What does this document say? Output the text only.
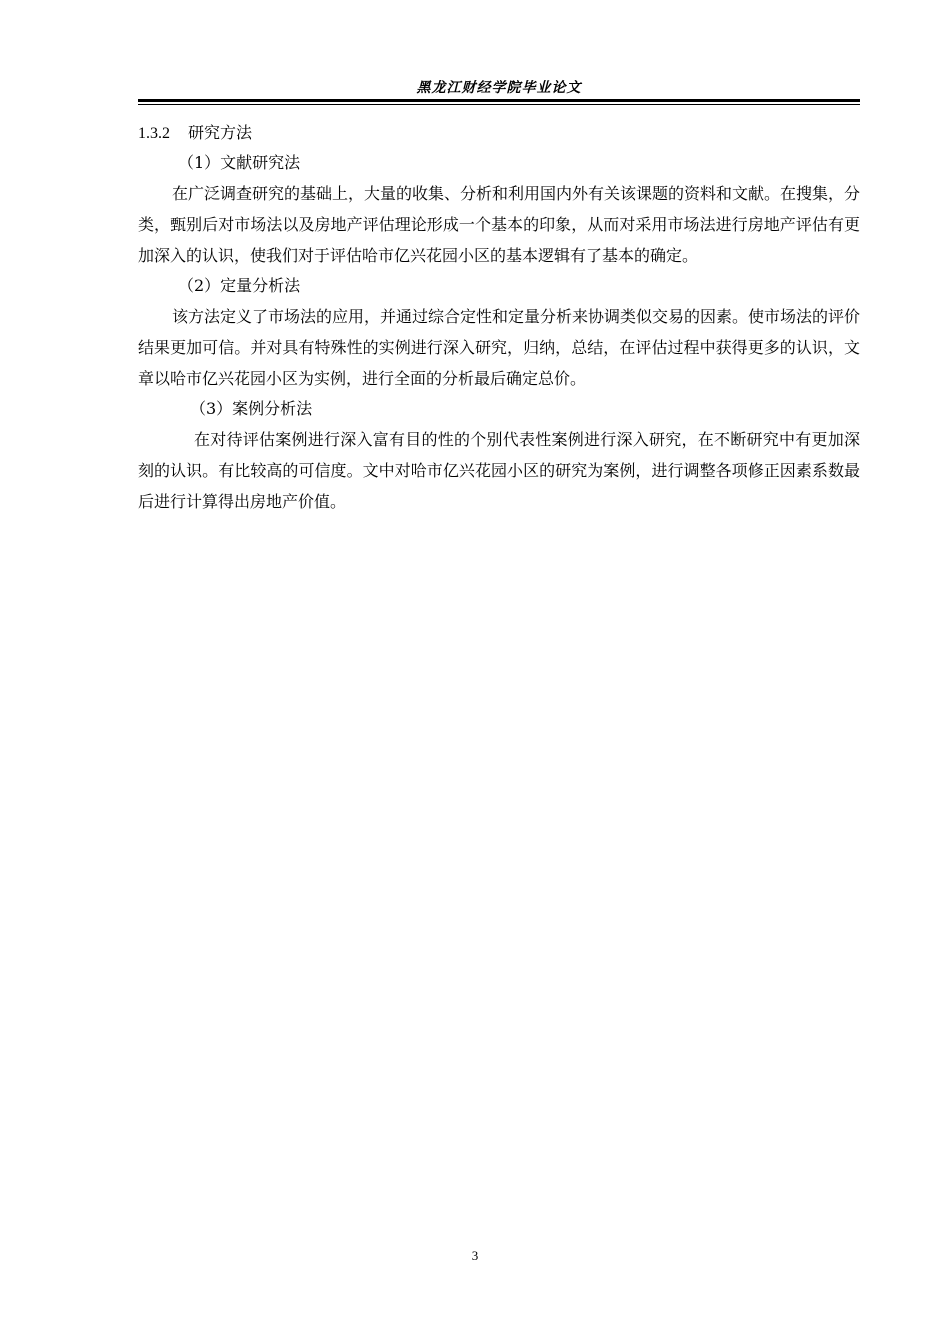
黑龙江财经学院毕业论文
1.3.2 研究方法
（1）文献研究法

在广泛调查研究的基础上，大量的收集、分析和利用国内外有关该课题的资料和文献。在搜集，分类，甄别后对市场法以及房地产评估理论形成一个基本的印象，从而对采用市场法进行房地产评估有更加深入的认识，使我们对于评估哈市亿兴花园小区的基本逻辑有了基本的确定。

（2）定量分析法

该方法定义了市场法的应用，并通过综合定性和定量分析来协调类似交易的因素。使市场法的评价结果更加可信。并对具有特殊性的实例进行深入研究，归纳，总结，在评估过程中获得更多的认识，文章以哈市亿兴花园小区为实例，进行全面的分析最后确定总价。

（3）案例分析法

在对待评估案例进行深入富有目的性的个别代表性案例进行深入研究，在不断研究中有更加深刻的认识。有比较高的可信度。文中对哈市亿兴花园小区的研究为案例，进行调整各项修正因素系数最后进行计算得出房地产价值。

3
